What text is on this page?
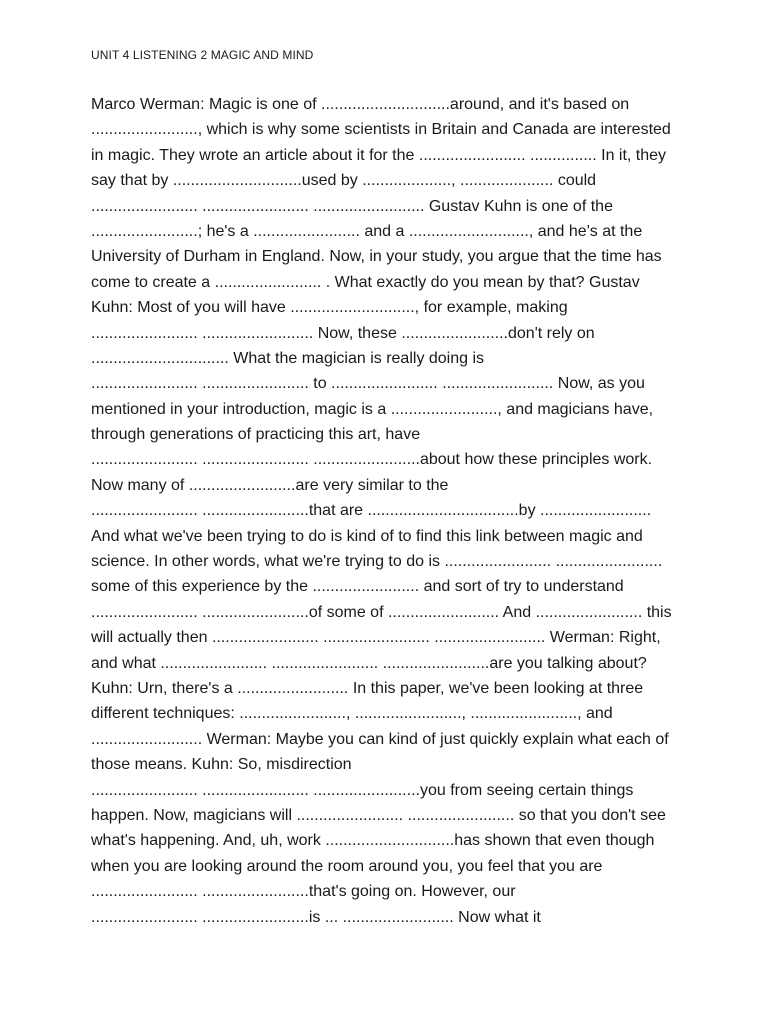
UNIT 4 LISTENING 2 MAGIC AND MIND
Marco Werman: Magic is one of .............................around, and it's based on
........................, which is why some scientists in Britain and Canada are interested
in magic. They wrote an article about it for the ........................ ............... In it, they
say that by .............................used by ...................., ..................... could
........................ ........................ ......................... Gustav Kuhn is one of the
........................; he's a ........................ and a ..........................., and he's at the
University of Durham in England. Now, in your study, you argue that the time has
come to create a ........................ . What exactly do you mean by that? Gustav
Kuhn: Most of you will have ............................, for example, making
........................ ......................... Now, these ........................don't rely on
............................... What the magician is really doing is
........................ ........................ to ........................ ......................... Now, as you
mentioned in your introduction, magic is a ........................, and magicians have,
through generations of practicing this art, have
........................ ........................ ........................about how these principles work.
Now many of ........................are very similar to the
........................ ........................that are ..................................by .........................
And what we've been trying to do is kind of to find this link between magic and
science. In other words, what we're trying to do is ........................ ........................
some of this experience by the ........................ and sort of try to understand
........................ ........................of some of ......................... And ........................ this
will actually then ........................ ........................ ......................... Werman: Right,
and what ........................ ........................ ........................are you talking about?
Kuhn: Urn, there's a ......................... In this paper, we've been looking at three
different techniques: ........................, ........................, ........................, and
......................... Werman: Maybe you can kind of just quickly explain what each of
those means. Kuhn: So, misdirection
........................ ........................ ........................you from seeing certain things
happen. Now, magicians will ........................ ........................ so that you don't see
what's happening. And, uh, work .............................has shown that even though
when you are looking around the room around you, you feel that you are
........................ ........................that's going on. However, our
........................ ........................is ... ......................... Now what it
